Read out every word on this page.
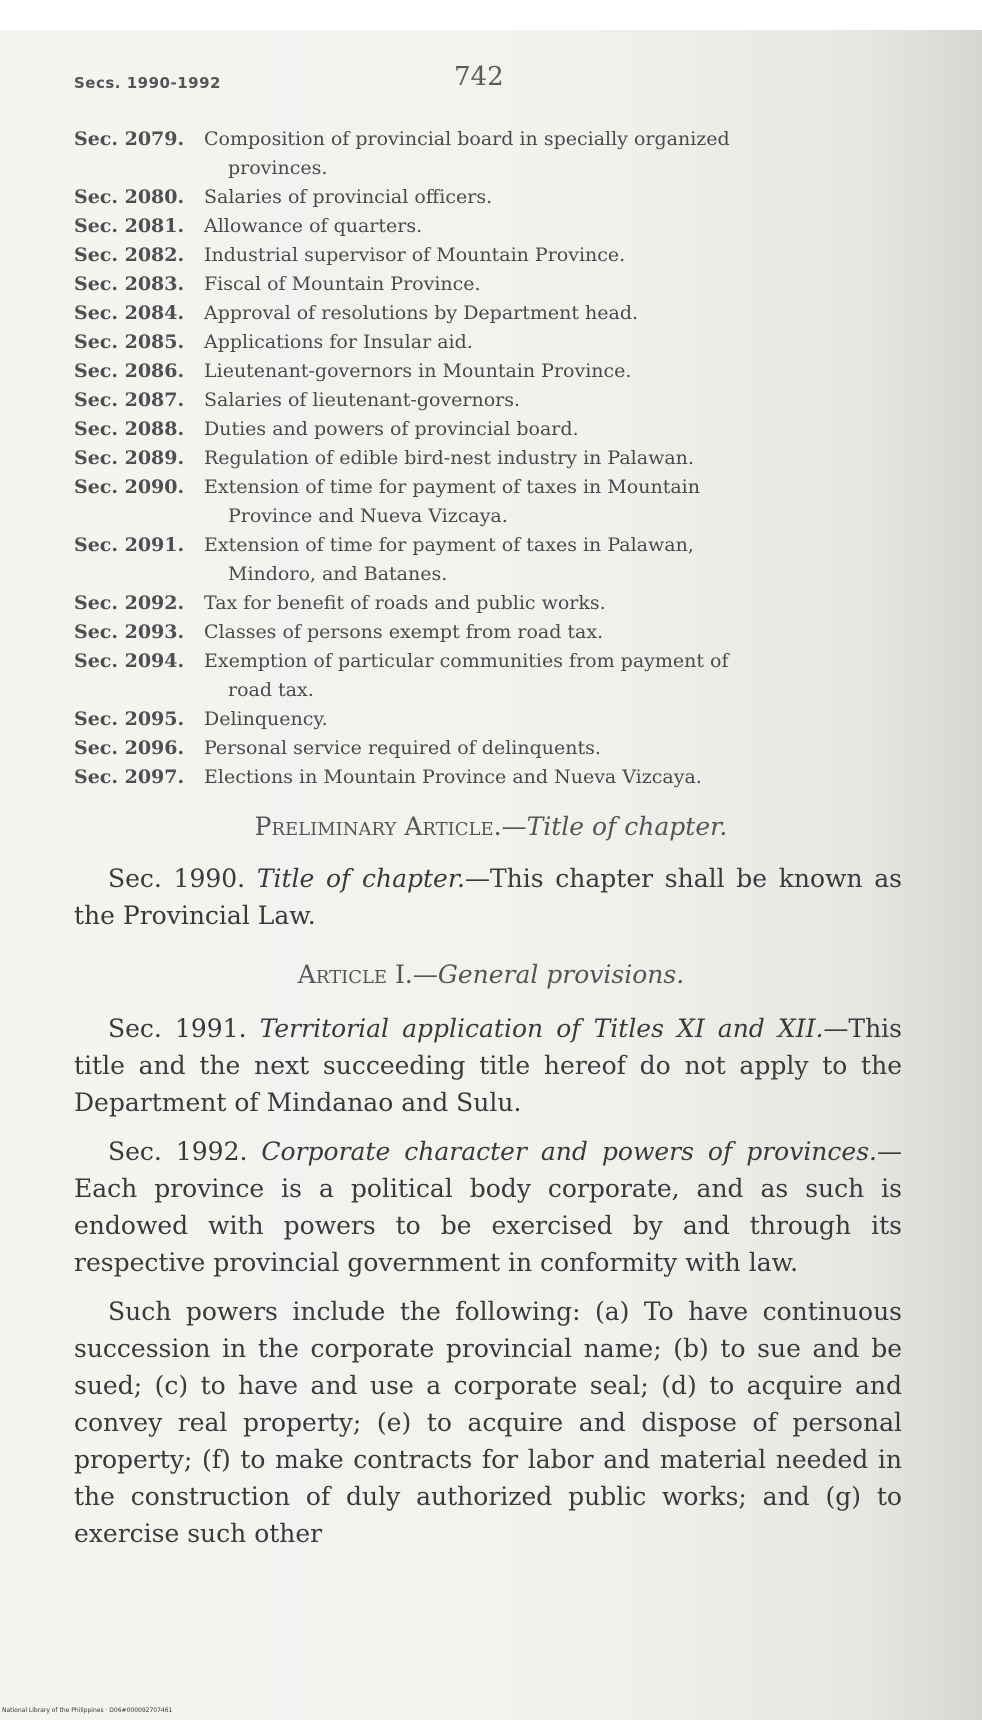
Secs. 1990-1992	742
Sec. 2079.	Composition of provincial board in specially organized
provinces.
Sec. 2080.	Salaries of provincial officers.
Sec. 2081.	Allowance of quarters.
Sec. 2082.	Industrial supervisor of Mountain Province.
Sec. 2083.	Fiscal of Mountain Province.
Sec. 2084.	Approval of resolutions by Department head.
Sec. 2085.	Applications for Insular aid.
Sec. 2086.	Lieutenant-governors in Mountain Province.
Sec. 2087.	Salaries of lieutenant-governors.
Sec. 2088.	Duties and powers of provincial board.
Sec. 2089.	Regulation of edible bird-nest industry in Palawan.
Sec. 2090.	Extension of time for payment of taxes in Mountain
Province and Nueva Vizcaya.
Sec. 2091.	Extension of time for payment of taxes in Palawan,
Mindoro, and Batanes.
Sec. 2092.	Tax for benefit of roads and public works.
Sec. 2093.	Classes of persons exempt from road tax.
Sec. 2094.	Exemption of particular communities from payment of
road tax.
Sec. 2095.	Delinquency.
Sec. 2096.	Personal service required of delinquents.
Sec. 2097.	Elections in Mountain Province and Nueva Vizcaya.
Preliminary Article.—Title of chapter.

Sec. 1990. Title of chapter.—This chapter shall be known as the Provincial Law.

Article I.—General provisions.

Sec. 1991. Territorial application of Titles XI and XII.—This title and the next succeeding title hereof do not apply to the Department of Mindanao and Sulu.

Sec. 1992. Corporate character and powers of provinces.—Each province is a political body corporate, and as such is endowed with powers to be exercised by and through its respective provincial government in conformity with law.

Such powers include the following: (a) To have continuous succession in the corporate provincial name; (b) to sue and be sued; (c) to have and use a corporate seal; (d) to acquire and convey real property; (e) to acquire and dispose of personal property; (f) to make contracts for labor and material needed in the construction of duly authorized public works; and (g) to exercise such other

National Library of the Philippines · D06#000092707461
